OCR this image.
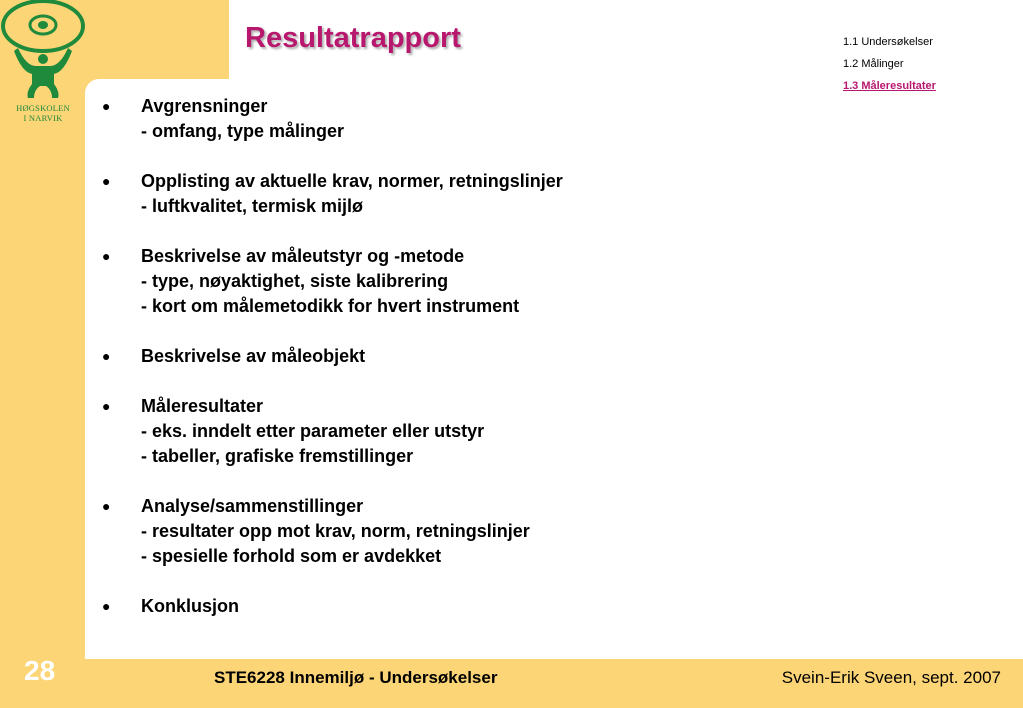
HØGSKOLEN
I NARVIK
Resultatrapport	1.1 Undersøkelser
1.2 Målinger
1.3 Måleresultater
● Avgrensninger
- omfang, type målinger
● Opplisting av aktuelle krav, normer, retningslinjer
- luftkvalitet, termisk mijlø
● Beskrivelse av måleutstyr og -metode
- type, nøyaktighet, siste kalibrering
- kort om målemetodikk for hvert instrument
● Beskrivelse av måleobjekt
● Måleresultater
- eks. inndelt etter parameter eller utstyr
- tabeller, grafiske fremstillinger
● Analyse/sammenstillinger
- resultater opp mot krav, norm, retningslinjer
- spesielle forhold som er avdekket
● Konklusjon
28	STE6228 Innemiljø - Undersøkelser	Svein-Erik Sveen, sept. 2007
